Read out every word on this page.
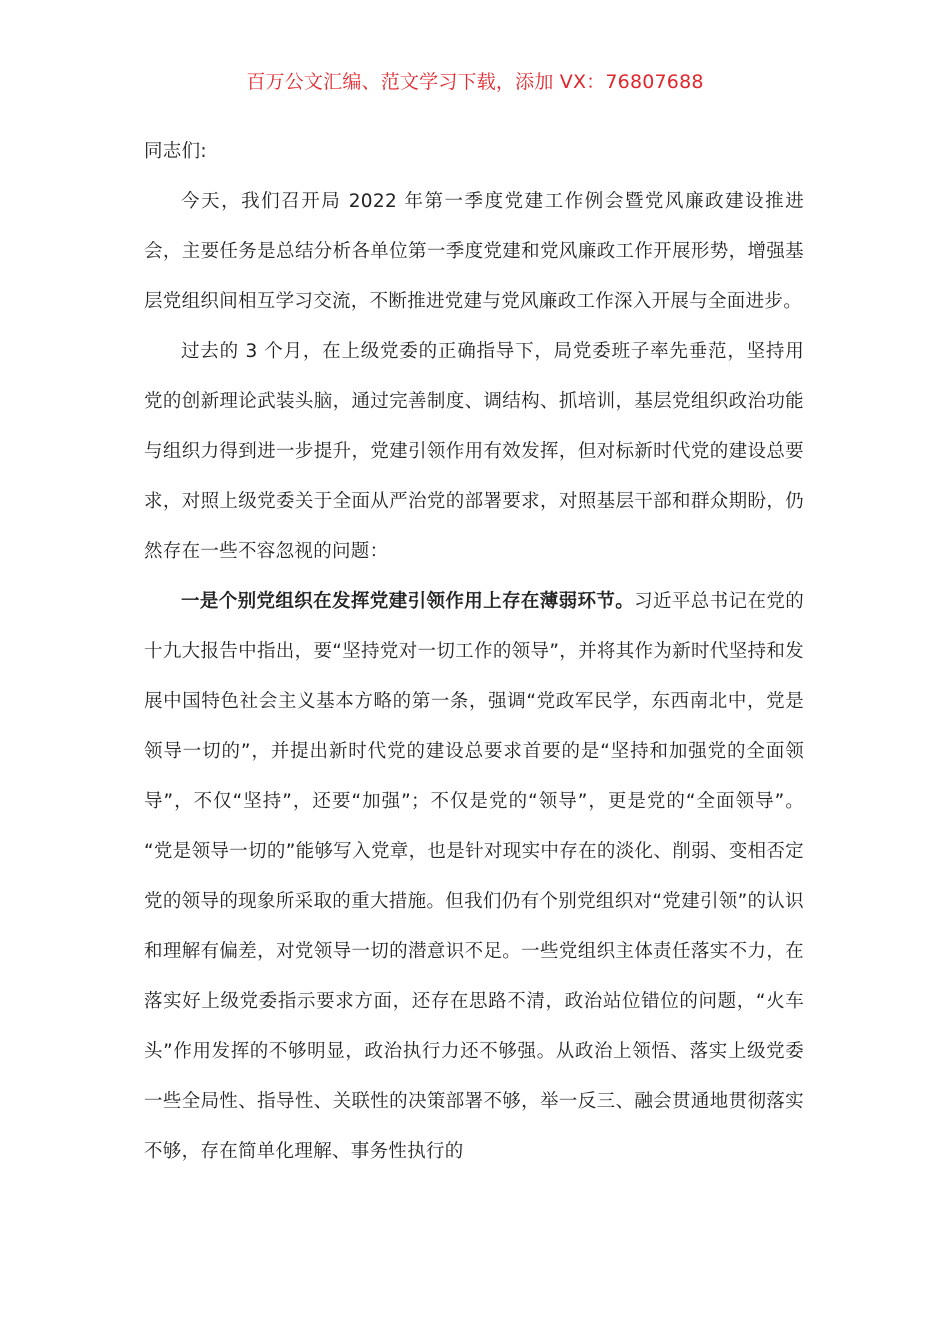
百万公文汇编、范文学习下载，添加 VX：76807688

同志们:

今天，我们召开局 2022 年第一季度党建工作例会暨党风廉政建设推进会，主要任务是总结分析各单位第一季度党建和党风廉政工作开展形势，增强基层党组织间相互学习交流，不断推进党建与党风廉政工作深入开展与全面进步。

过去的 3 个月，在上级党委的正确指导下，局党委班子率先垂范，坚持用党的创新理论武装头脑，通过完善制度、调结构、抓培训，基层党组织政治功能与组织力得到进一步提升，党建引领作用有效发挥，但对标新时代党的建设总要求，对照上级党委关于全面从严治党的部署要求，对照基层干部和群众期盼，仍然存在一些不容忽视的问题：

一是个别党组织在发挥党建引领作用上存在薄弱环节。习近平总书记在党的十九大报告中指出，要“坚持党对一切工作的领导”，并将其作为新时代坚持和发展中国特色社会主义基本方略的第一条，强调“党政军民学，东西南北中，党是领导一切的”，并提出新时代党的建设总要求首要的是“坚持和加强党的全面领导”，不仅“坚持”，还要“加强”；不仅是党的“领导”，更是党的“全面领导”。 “党是领导一切的”能够写入党章，也是针对现实中存在的淡化、削弱、变相否定党的领导的现象所采取的重大措施。但我们仍有个别党组织对“党建引领”的认识和理解有偏差，对党领导一切的潜意识不足。一些党组织主体责任落实不力，在落实好上级党委指示要求方面，还存在思路不清，政治站位错位的问题，“火车头”作用发挥的不够明显，政治执行力还不够强。从政治上领悟、落实上级党委一些全局性、指导性、关联性的决策部署不够，举一反三、融会贯通地贯彻落实不够，存在简单化理解、事务性执行的
